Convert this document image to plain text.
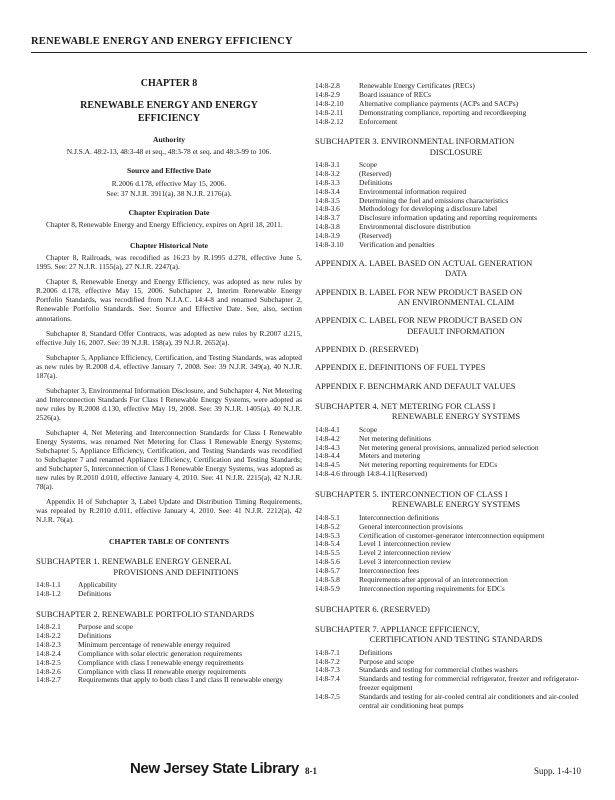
RENEWABLE ENERGY AND ENERGY EFFICIENCY
CHAPTER 8
RENEWABLE ENERGY AND ENERGY EFFICIENCY
Authority
N.J.S.A. 48:2-13, 48:3-48 et seq., 48:3-78 et seq. and 48:3-99 to 106.
Source and Effective Date
R.2006 d.178, effective May 15, 2006.
See: 37 N.J.R. 3911(a), 38 N.J.R. 2176(a).
Chapter Expiration Date
Chapter 8, Renewable Energy and Energy Efficiency, expires on April 18, 2011.
Chapter Historical Note
Chapter 8, Railroads, was recodified as 16:23 by R.1995 d.278, effective June 5, 1995. See: 27 N.J.R. 1155(a), 27 N.J.R. 2247(a).
Chapter 8, Renewable Energy and Energy Efficiency, was adopted as new rules by R.2006 d.178, effective May 15, 2006. Subchapter 2, Interim Renewable Energy Portfolio Standards, was recodified from N.J.A.C. 14:4-8 and renamed Subchapter 2, Renewable Portfolio Standards. See: Source and Effective Date. See, also, section annotations.
Subchapter 8, Standard Offer Contracts, was adopted as new rules by R.2007 d.215, effective July 16, 2007. See: 39 N.J.R. 158(a), 39 N.J.R. 2652(a).
Subchapter 5, Appliance Efficiency, Certification, and Testing Standards, was adopted as new rules by R.2008 d.4, effective January 7, 2008. See: 39 N.J.R. 349(a), 40 N.J.R. 187(a).
Subchapter 3, Environmental Information Disclosure, and Subchapter 4, Net Metering and Interconnection Standards For Class I Renewable Energy Systems, were adopted as new rules by R.2008 d.130, effective May 19, 2008. See: 39 N.J.R. 1405(a), 40 N.J.R. 2526(a).
Subchapter 4, Net Metering and Interconnection Standards for Class I Renewable Energy Systems, was renamed Net Metering for Class I Renewable Energy Systems; Subchapter 5, Appliance Efficiency, Certification, and Testing Standards was recodified to Subchapter 7 and renamed Appliance Efficiency, Certification and Testing Standards; and Subchapter 5, Interconnection of Class I Renewable Energy Systems, was adopted as new rules by R.2010 d.010, effective January 4, 2010. See: 41 N.J.R. 2215(a), 42 N.J.R. 78(a).
Appendix H of Subchapter 3, Label Update and Distribution Timing Requirements, was repealed by R.2010 d.011, effective January 4, 2010. See: 41 N.J.R. 2212(a), 42 N.J.R. 76(a).
CHAPTER TABLE OF CONTENTS
SUBCHAPTER 1. RENEWABLE ENERGY GENERAL
PROVISIONS AND DEFINITIONS
14:8-1.1	Applicability
14:8-1.2	Definitions
SUBCHAPTER 2. RENEWABLE PORTFOLIO STANDARDS
14:8-2.1	Purpose and scope
14:8-2.2	Definitions
14:8-2.3	Minimum percentage of renewable energy required
14:8-2.4	Compliance with solar electric generation requirements
14:8-2.5	Compliance with class I renewable energy requirements
14:8-2.6	Compliance with class II renewable energy requirements
14:8-2.7	Requirements that apply to both class I and class II renewable energy
14:8-2.8	Renewable Energy Certificates (RECs)
14:8-2.9	Board issuance of RECs
14:8-2.10	Alternative compliance payments (ACPs and SACPs)
14:8-2.11	Demonstrating compliance, reporting and recordkeeping
14:8-2.12	Enforcement
SUBCHAPTER 3. ENVIRONMENTAL INFORMATION
DISCLOSURE
14:8-3.1	Scope
14:8-3.2	(Reserved)
14:8-3.3	Definitions
14:8-3.4	Environmental information required
14:8-3.5	Determining the fuel and emissions characteristics
14:8-3.6	Methodology for developing a disclosure label
14:8-3.7	Disclosure information updating and reporting requirements
14:8-3.8	Environmental disclosure distribution
14:8-3.9	(Reserved)
14:8-3.10	Verification and penalties
APPENDIX A. LABEL BASED ON ACTUAL GENERATION
DATA
APPENDIX B. LABEL FOR NEW PRODUCT BASED ON
AN ENVIRONMENTAL CLAIM
APPENDIX C. LABEL FOR NEW PRODUCT BASED ON
DEFAULT INFORMATION
APPENDIX D. (RESERVED)
APPENDIX E. DEFINITIONS OF FUEL TYPES
APPENDIX F. BENCHMARK AND DEFAULT VALUES
SUBCHAPTER 4. NET METERING FOR CLASS I
RENEWABLE ENERGY SYSTEMS
14:8-4.1	Scope
14:8-4.2	Net metering definitions
14:8-4.3	Net metering general provisions, annualized period selection
14:8-4.4	Meters and metering
14:8-4.5	Net metering reporting requirements for EDCs
14:8-4.6 through 14:8-4.11 (Reserved)
SUBCHAPTER 5. INTERCONNECTION OF CLASS I
RENEWABLE ENERGY SYSTEMS
14:8-5.1	Interconnection definitions
14:8-5.2	General interconnection provisions
14:8-5.3	Certification of customer-generator interconnection equipment
14:8-5.4	Level 1 interconnection review
14:8-5.5	Level 2 interconnection review
14:8-5.6	Level 3 interconnection review
14:8-5.7	Interconnection fees
14:8-5.8	Requirements after approval of an interconnection
14:8-5.9	Interconnection reporting requirements for EDCs
SUBCHAPTER 6. (RESERVED)
SUBCHAPTER 7. APPLIANCE EFFICIENCY,
CERTIFICATION AND TESTING STANDARDS
14:8-7.1	Definitions
14:8-7.2	Purpose and scope
14:8-7.3	Standards and testing for commercial clothes washers
14:8-7.4	Standards and testing for commercial refrigerator, freezer and refrigerator-freezer equipment
14:8-7.5	Standards and testing for air-cooled central air conditioners and air-cooled central air conditioning heat pumps
New Jersey State Library 8-1	Supp. 1-4-10
